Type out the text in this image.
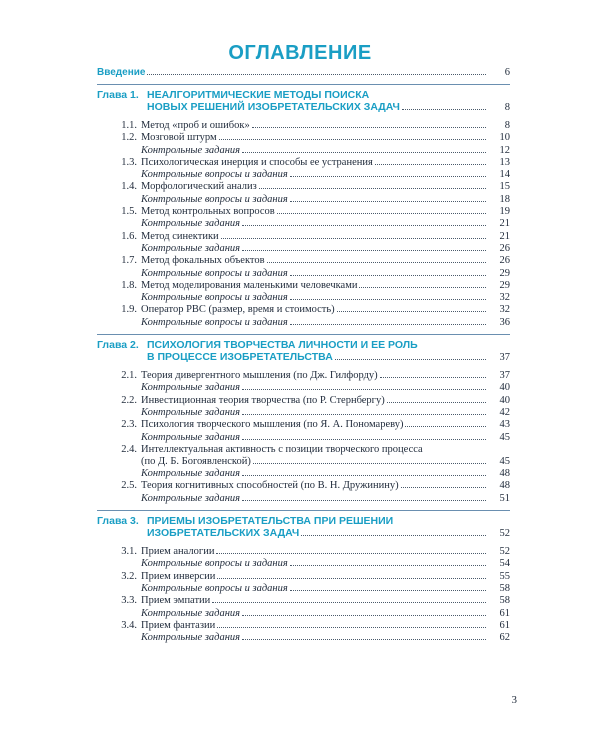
ОГЛАВЛЕНИЕ
Введение	6
Глава 1. НЕАЛГОРИТМИЧЕСКИЕ МЕТОДЫ ПОИСКА
НОВЫХ РЕШЕНИЙ ИЗОБРЕТАТЕЛЬСКИХ ЗАДАЧ	8
1.1. Метод «проб и ошибок»	8
1.2. Мозговой штурм	10
Контрольные задания	12
1.3. Психологическая инерция и способы ее устранения	13
Контрольные вопросы и задания	14
1.4. Морфологический анализ	15
Контрольные вопросы и задания	18
1.5. Метод контрольных вопросов	19
Контрольные задания	21
1.6. Метод синектики	21
Контрольные задания	26
1.7. Метод фокальных объектов	26
Контрольные вопросы и задания	29
1.8. Метод моделирования маленькими человечками	29
Контрольные вопросы и задания	32
1.9. Оператор РВС (размер, время и стоимость)	32
Контрольные вопросы и задания	36
Глава 2. ПСИХОЛОГИЯ ТВОРЧЕСТВА ЛИЧНОСТИ И ЕЕ РОЛЬ
В ПРОЦЕССЕ ИЗОБРЕТАТЕЛЬСТВА	37
2.1. Теория дивергентного мышления (по Дж. Гилфорду)	37
Контрольные задания	40
2.2. Инвестиционная теория творчества (по Р. Стернбергу)	40
Контрольные задания	42
2.3. Психология творческого мышления (по Я. А. Пономареву)	43
Контрольные задания	45
2.4. Интеллектуальная активность с позиции творческого процесса
(по Д. Б. Богоявленской)	45
Контрольные задания	48
2.5. Теория когнитивных способностей (по В. Н. Дружинину)	48
Контрольные задания	51
Глава 3. ПРИЕМЫ ИЗОБРЕТАТЕЛЬСТВА ПРИ РЕШЕНИИ
ИЗОБРЕТАТЕЛЬСКИХ ЗАДАЧ	52
3.1. Прием аналогии	52
Контрольные вопросы и задания	54
3.2. Прием инверсии	55
Контрольные вопросы и задания	58
3.3. Прием эмпатии	58
Контрольные задания	61
3.4. Прием фантазии	61
Контрольные задания	62
3
